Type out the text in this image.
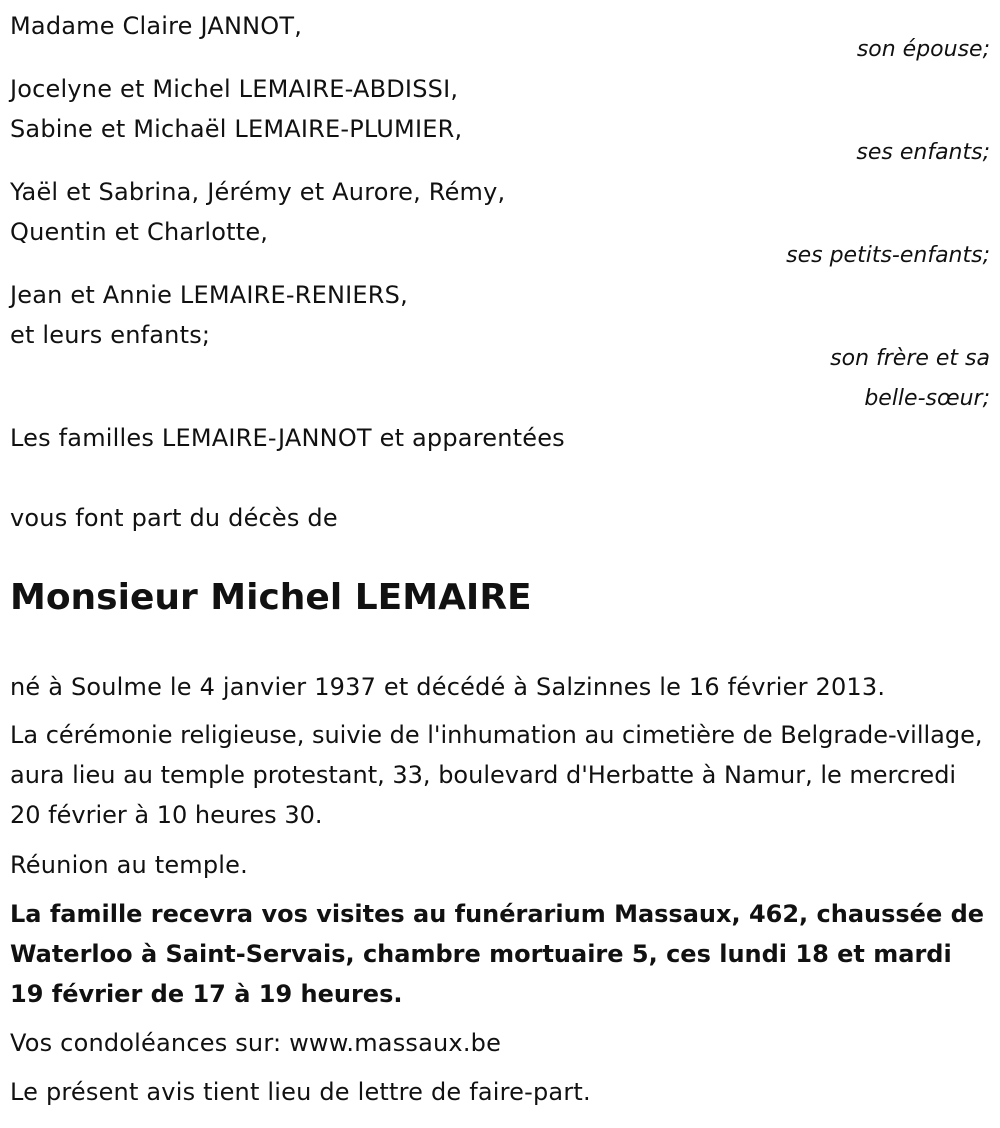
Madame Claire JANNOT,
son épouse;
Jocelyne et Michel LEMAIRE-ABDISSI,
Sabine et Michaël LEMAIRE-PLUMIER,
ses enfants;
Yaël et Sabrina, Jérémy et Aurore, Rémy,
Quentin et Charlotte,
ses petits-enfants;
Jean et Annie LEMAIRE-RENIERS,
et leurs enfants;
son frère et sa
belle-sœur;
Les familles LEMAIRE-JANNOT et apparentées
vous font part du décès de
Monsieur Michel LEMAIRE
né à Soulme le 4 janvier 1937 et décédé à Salzinnes le 16 février 2013.
La cérémonie religieuse, suivie de l'inhumation au cimetière de Belgrade-village, aura lieu au temple protestant, 33, boulevard d'Herbatte à Namur, le mercredi 20 février à 10 heures 30.
Réunion au temple.
La famille recevra vos visites au funérarium Massaux, 462, chaussée de Waterloo à Saint-Servais, chambre mortuaire 5, ces lundi 18 et mardi 19 février de 17 à 19 heures.
Vos condoléances sur: www.massaux.be
Le présent avis tient lieu de lettre de faire-part.
